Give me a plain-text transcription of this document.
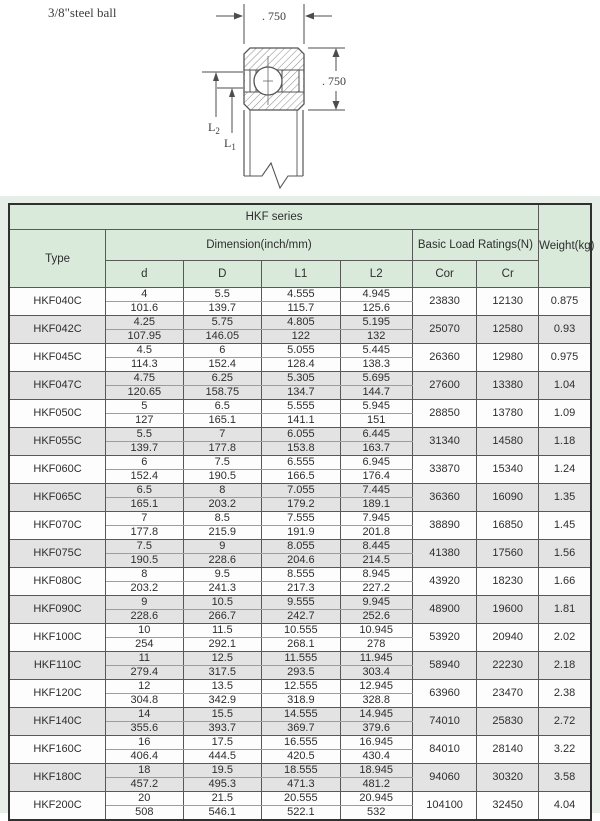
3/8"steel ball	. 750
. 750
$L_2$
$L_1$
HKF series							Weight(kg)
Type	Dimension(inch/mm)				Basic Load Ratings(N)		
	d	D	L1	L2	Cor	Cr	
HKF040C	4	5.5	4.555	4.945	23830	12130	0.875
	101.6	139.7	115.7	125.6			
HKF042C	4.25	5.75	4.805	5.195	25070	12580	0.93
	107.95	146.05	122	132			
HKF045C	4.5	6	5.055	5.445	26360	12980	0.975
	114.3	152.4	128.4	138.3			
HKF047C	4.75	6.25	5.305	5.695	27600	13380	1.04
	120.65	158.75	134.7	144.7			
HKF050C	5	6.5	5.555	5.945	28850	13780	1.09
	127	165.1	141.1	151			
HKF055C	5.5	7	6.055	6.445	31340	14580	1.18
	139.7	177.8	153.8	163.7			
HKF060C	6	7.5	6.555	6.945	33870	15340	1.24
	152.4	190.5	166.5	176.4			
HKF065C	6.5	8	7.055	7.445	36360	16090	1.35
	165.1	203.2	179.2	189.1			
HKF070C	7	8.5	7.555	7.945	38890	16850	1.45
	177.8	215.9	191.9	201.8			
HKF075C	7.5	9	8.055	8.445	41380	17560	1.56
	190.5	228.6	204.6	214.5			
HKF080C	8	9.5	8.555	8.945	43920	18230	1.66
	203.2	241.3	217.3	227.2			
HKF090C	9	10.5	9.555	9.945	48900	19600	1.81
	228.6	266.7	242.7	252.6			
HKF100C	10	11.5	10.555	10.945	53920	20940	2.02
	254	292.1	268.1	278			
HKF110C	11	12.5	11.555	11.945	58940	22230	2.18
	279.4	317.5	293.5	303.4			
HKF120C	12	13.5	12.555	12.945	63960	23470	2.38
	304.8	342.9	318.9	328.8			
HKF140C	14	15.5	14.555	14.945	74010	25830	2.72
	355.6	393.7	369.7	379.6			
HKF160C	16	17.5	16.555	16.945	84010	28140	3.22
	406.4	444.5	420.5	430.4			
HKF180C	18	19.5	18.555	18.945	94060	30320	3.58
	457.2	495.3	471.3	481.2			
HKF200C	20	21.5	20.555	20.945	104100	32450	4.04
	508	546.1	522.1	532			
